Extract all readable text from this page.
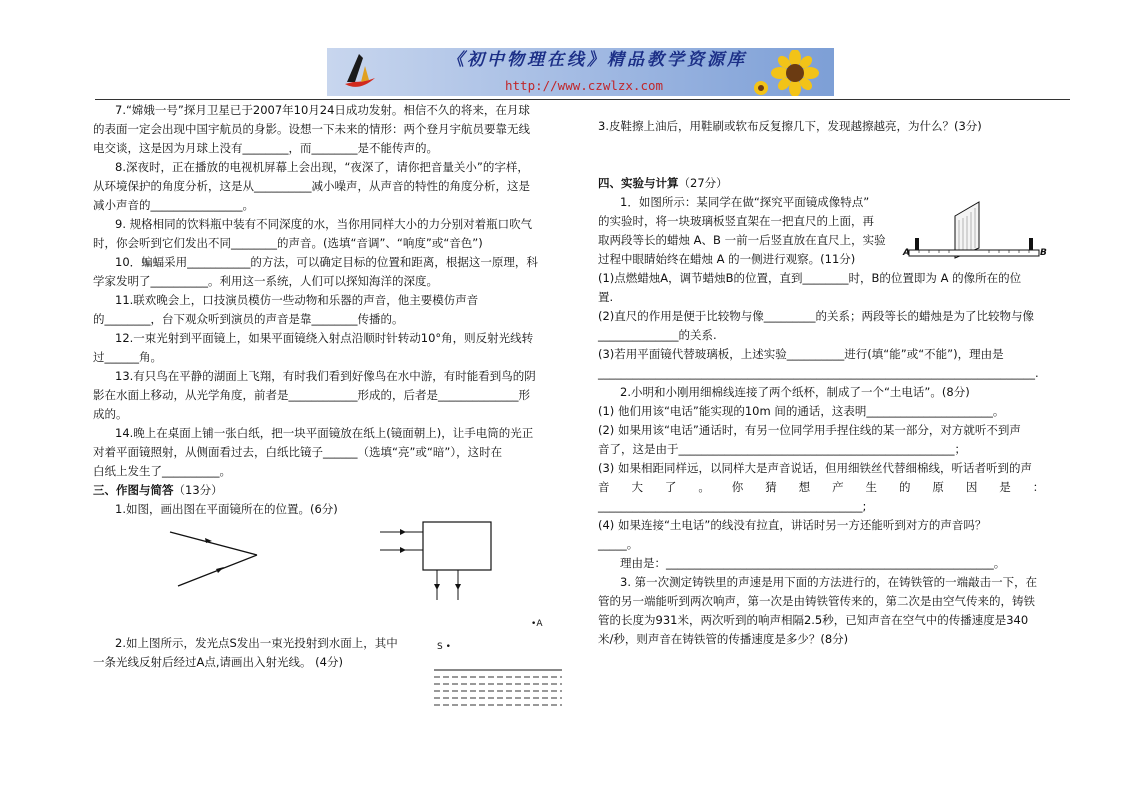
《初中物理在线》精品教学资源库
http://www.czwlzx.com

7.“嫦娥一号”探月卫星已于2007年10月24日成功发射。相信不久的将来，在月球

的表面一定会出现中国宇航员的身影。设想一下未来的情形：两个登月宇航员要靠无线

电交谈，这是因为月球上没有________，而________是不能传声的。

8.深夜时，正在播放的电视机屏幕上会出现，“夜深了，请你把音量关小”的字样，

从环境保护的角度分析，这是从__________减小噪声，从声音的特性的角度分析，这是

减小声音的________________。

9. 规格相同的饮料瓶中装有不同深度的水，当你用同样大小的力分别对着瓶口吹气

时，你会听到它们发出不同________的声音。(选填“音调”、“响度”或“音色”)

10．蝙蝠采用___________的方法，可以确定目标的位置和距离，根据这一原理，科

学家发明了__________。利用这一系统，人们可以探知海洋的深度。

11.联欢晚会上，口技演员模仿一些动物和乐器的声音，他主要模仿声音

的________，台下观众听到演员的声音是靠________传播的。

12.一束光射到平面镜上，如果平面镜绕入射点沿顺时针转动10°角，则反射光线转

过______角。

13.有只鸟在平静的湖面上飞翔，有时我们看到好像鸟在水中游，有时能看到鸟的阴

影在水面上移动，从光学角度，前者是____________形成的，后者是______________形

成的。

14.晚上在桌面上铺一张白纸，把一块平面镜放在纸上(镜面朝上)，让手电筒的光正

对着平面镜照射，从侧面看过去，白纸比镜子______（选填“亮”或“暗”），这时在

白纸上发生了__________。

三、作图与简答（13分）

1.如图，画出图在平面镜所在的位置。(6分)

•A

2.如上图所示，发光点S发出一束光投射到水面上，其中

一条光线反射后经过A点,请画出入射光线。 (4分)

S •

3.皮鞋擦上油后，用鞋刷或软布反复擦几下，发现越擦越亮，为什么？(3分)

四、实验与计算（27分）

1．如图所示：某同学在做“探究平面镜成像特点”

的实验时，将一块玻璃板竖直架在一把直尺的上面，再

取两段等长的蜡烛 A、B 一前一后竖直放在直尺上，实验

过程中眼睛始终在蜡烛 A 的一侧进行观察。(11分)

(1)点燃蜡烛A，调节蜡烛B的位置，直到________时，B的位置即为 A 的像所在的位

置.

(2)直尺的作用是便于比较物与像_________的关系；两段等长的蜡烛是为了比较物与像

______________的关系.

(3)若用平面镜代替玻璃板，上述实验__________进行(填“能”或“不能”)，理由是

____________________________________________________________________________.

2.小明和小刚用细棉线连接了两个纸杯，制成了一个“土电话”。(8分)

(1) 他们用该“电话”能实现的10m 间的通话，这表明______________________。

(2) 如果用该“电话”通话时，有另一位同学用手捏住线的某一部分，对方就听不到声

音了，这是由于________________________________________________；

(3) 如果相距同样远，以同样大是声音说话，但用细铁丝代替细棉线，听话者听到的声

音 大 了 。 你 猜 想 产 生 的 原 因 是 ：

______________________________________________;

(4) 如果连接“土电话”的线没有拉直，讲话时另一方还能听到对方的声音吗？

_____。

理由是：_________________________________________________________。

3. 第一次测定铸铁里的声速是用下面的方法进行的，在铸铁管的一端敲击一下，在

管的另一端能听到两次响声，第一次是由铸铁管传来的，第二次是由空气传来的，铸铁

管的长度为931米，两次听到的响声相隔2.5秒，已知声音在空气中的传播速度是340

米/秒，则声音在铸铁管的传播速度是多少？(8分)

A	B
